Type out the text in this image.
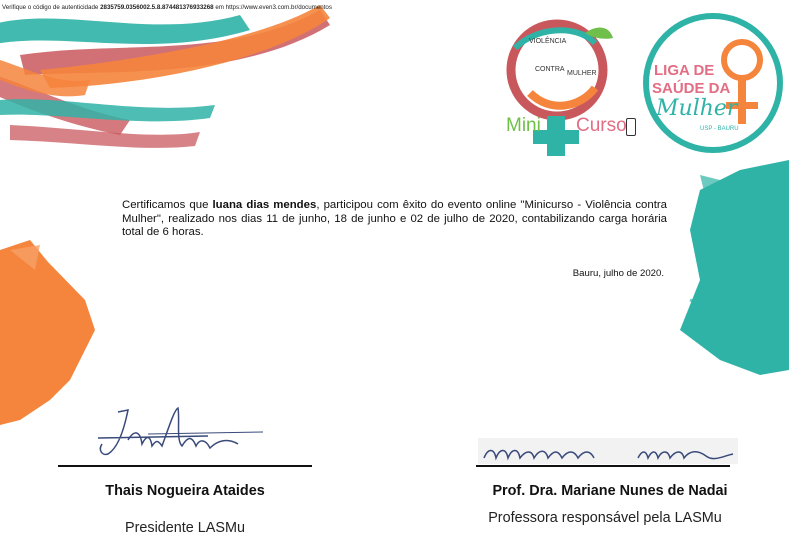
Verifique o código de autenticidade 2835759.0356002.5.8.874481376933268 em https://www.even3.com.br/documentos
VIOLÊNCIA
CONTRA
MULHER
Mini Curso
LIGA DE
SAÚDE DA
Mulher
USP - BAURU
Certificamos que luana dias mendes, participou com êxito do evento online "Minicurso - Violência contra Mulher", realizado nos dias 11 de junho, 18 de junho e 02 de julho de 2020, contabilizando carga horária total de 6 horas.
Bauru, julho de 2020.
Thais Nogueira Ataides
Presidente LASMu
Prof. Dra. Mariane Nunes de Nadai
Professora responsável pela LASMu
